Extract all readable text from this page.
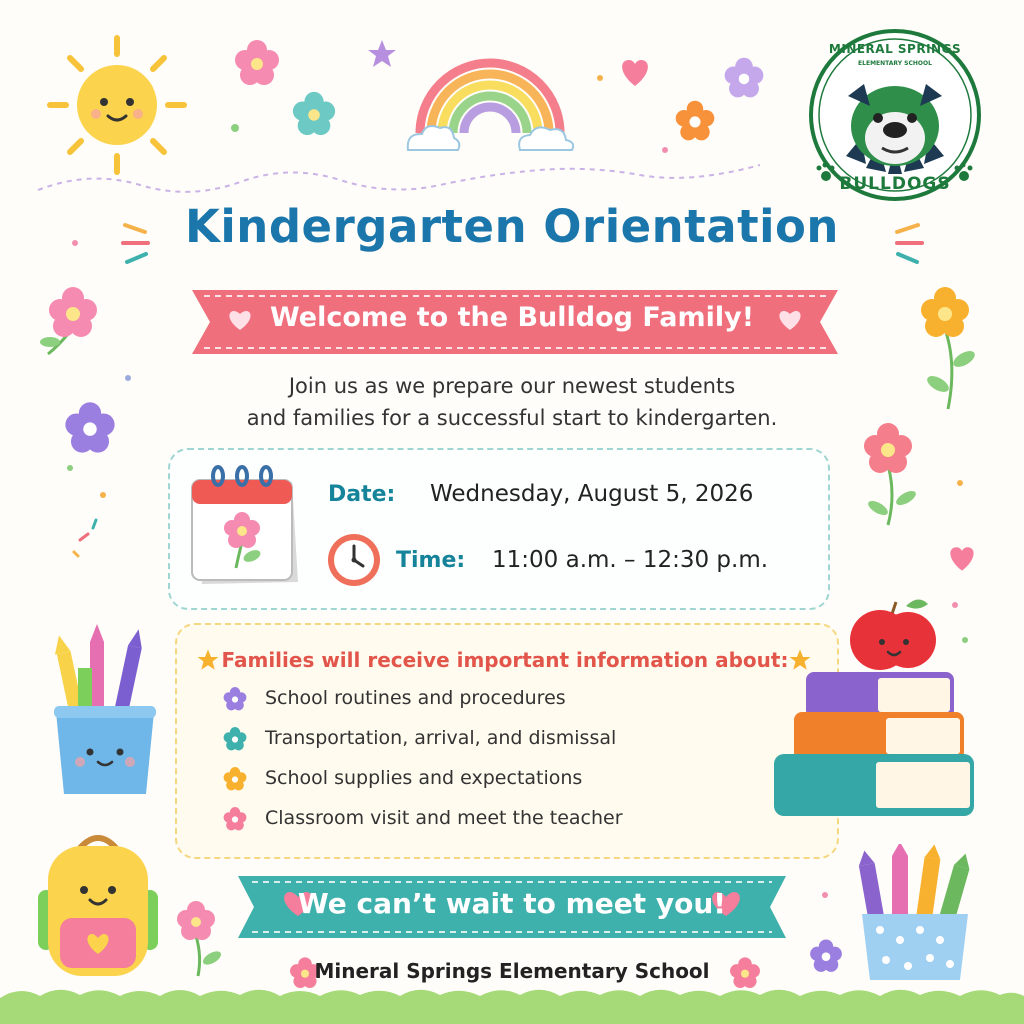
MINERAL SPRINGS
ELEMENTARY SCHOOL
BULLDOGS
Kindergarten Orientation
Welcome to the Bulldog Family!
Join us as we prepare our newest students
and families for a successful start to kindergarten.
Date: Wednesday, August 5, 2026
Time: 11:00 a.m. – 12:30 p.m.
Families will receive important information about:
School routines and procedures
Transportation, arrival, and dismissal
School supplies and expectations
Classroom visit and meet the teacher
We can’t wait to meet you!
Mineral Springs Elementary School
